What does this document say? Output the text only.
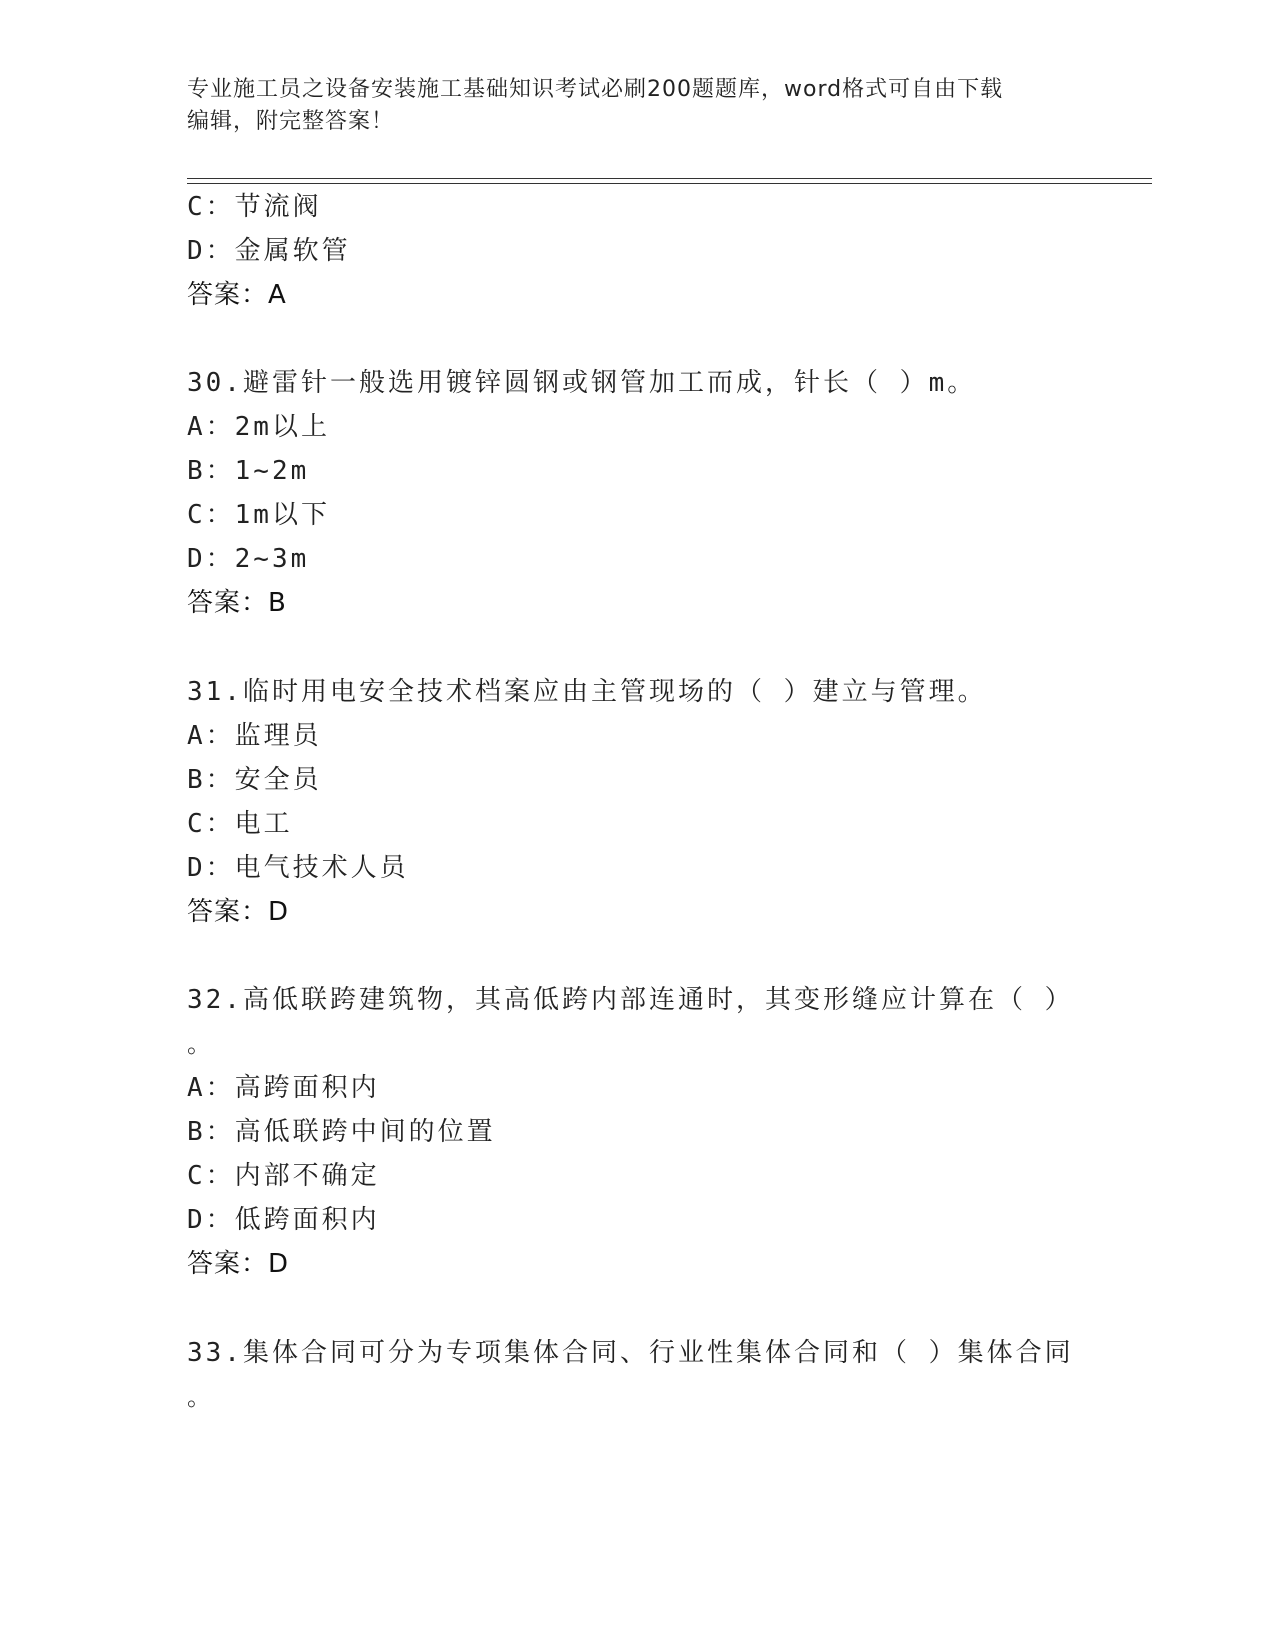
专业施工员之设备安装施工基础知识考试必刷200题题库，word格式可自由下载
编辑，附完整答案！
C：节流阀
D：金属软管
答案：A
30.避雷针一般选用镀锌圆钢或钢管加工而成，针长（ ）m。
A：2m以上
B：1~2m
C：1m以下
D：2~3m
答案：B
31.临时用电安全技术档案应由主管现场的（ ）建立与管理。
A：监理员
B：安全员
C：电工
D：电气技术人员
答案：D
32.高低联跨建筑物，其高低跨内部连通时，其变形缝应计算在（ ）
。
A：高跨面积内
B：高低联跨中间的位置
C：内部不确定
D：低跨面积内
答案：D
33.集体合同可分为专项集体合同、行业性集体合同和（ ）集体合同
。
